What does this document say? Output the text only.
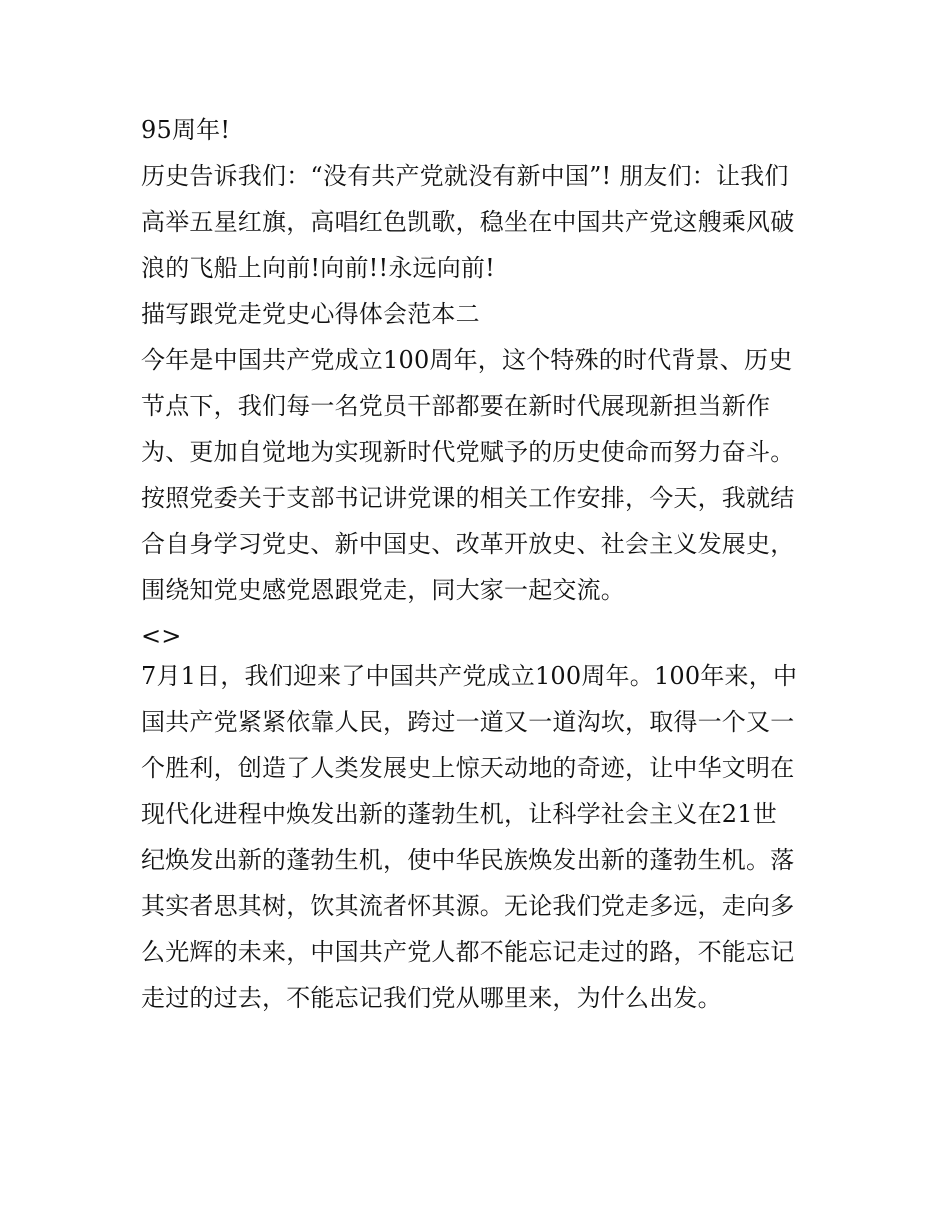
95周年!
历史告诉我们：“没有共产党就没有新中国”! 朋友们：让我们
高举五星红旗，高唱红色凯歌，稳坐在中国共产党这艘乘风破
浪的飞船上向前!向前!!永远向前!
描写跟党走党史心得体会范本二
今年是中国共产党成立100周年，这个特殊的时代背景、历史
节点下，我们每一名党员干部都要在新时代展现新担当新作
为、更加自觉地为实现新时代党赋予的历史使命而努力奋斗。
按照党委关于支部书记讲党课的相关工作安排，今天，我就结
合自身学习党史、新中国史、改革开放史、社会主义发展史，
围绕知党史感党恩跟党走，同大家一起交流。
<>
7月1日，我们迎来了中国共产党成立100周年。100年来，中
国共产党紧紧依靠人民，跨过一道又一道沟坎，取得一个又一
个胜利，创造了人类发展史上惊天动地的奇迹，让中华文明在
现代化进程中焕发出新的蓬勃生机，让科学社会主义在21世
纪焕发出新的蓬勃生机，使中华民族焕发出新的蓬勃生机。落
其实者思其树，饮其流者怀其源。无论我们党走多远，走向多
么光辉的未来，中国共产党人都不能忘记走过的路，不能忘记
走过的过去，不能忘记我们党从哪里来，为什么出发。
